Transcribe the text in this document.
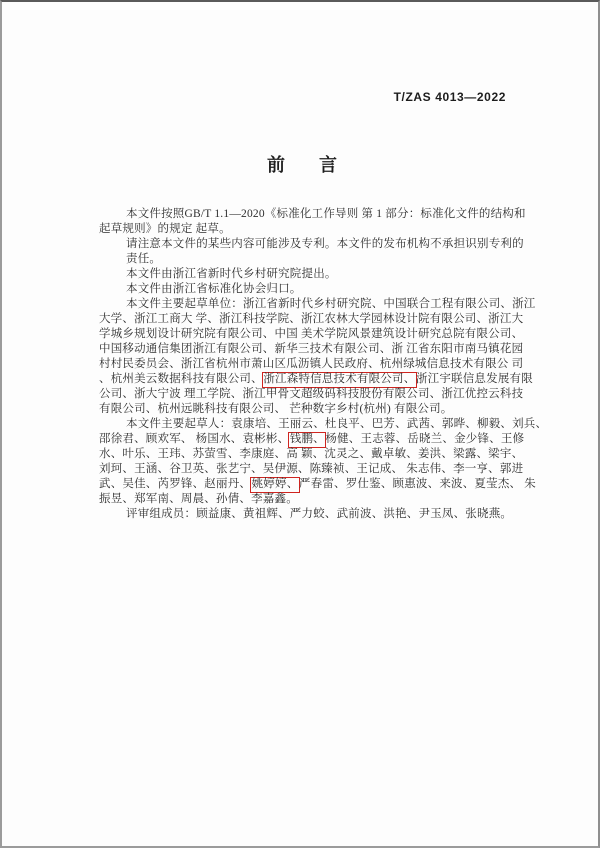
T/ZAS 4013—2022
前 言
本文件按照GB/T 1.1—2020《标准化工作导则 第 1 部分：标准化文件的结构和
起草规则》的规定 起草。
请注意本文件的某些内容可能涉及专利。本文件的发布机构不承担识别专利的
责任。
本文件由浙江省新时代乡村研究院提出。
本文件由浙江省标准化协会归口。
本文件主要起草单位：浙江省新时代乡村研究院、中国联合工程有限公司、浙江
大学、浙江工商大 学、浙江科技学院、浙江农林大学园林设计院有限公司、浙江大
学城乡规划设计研究院有限公司、中国 美术学院风景建筑设计研究总院有限公司、
中国移动通信集团浙江有限公司、新华三技术有限公司、浙 江省东阳市南马镇花园
村村民委员会、浙江省杭州市萧山区瓜沥镇人民政府、杭州绿城信息技术有限公 司
、杭州美云数据科技有限公司、浙江森特信息技术有限公司、浙江宇联信息发展有限
公司、浙大宁波 理工学院、浙江甲骨文超级码科技股份有限公司、浙江优控云科技
有限公司、杭州远眺科技有限公司、 芒种数字乡村(杭州) 有限公司。
本文件主要起草人：袁康培、王丽云、杜良平、巴芳、武茜、郭晔、柳毅、刘兵、
邵徐君、顾欢军、 杨国水、袁彬彬、钱鹏、杨健、王志蓉、岳晓兰、金少锋、王修
水、叶乐、王玮、苏萤雪、李康庭、高 颖、沈灵之、戴卓敏、姜洪、梁露、梁宇、
刘珂、王涵、谷卫英、张艺宁、吴伊源、陈臻祯、王记成、 朱志伟、李一亨、郭进
武、吴佳、芮罗锋、赵丽丹、姚婷婷、严春雷、罗仕鉴、顾惠波、来波、夏莹杰、 朱
振昱、郑军南、周晨、孙倩、李嘉鑫。
评审组成员：顾益康、黄祖辉、严力蛟、武前波、洪艳、尹玉凤、张晓燕。
